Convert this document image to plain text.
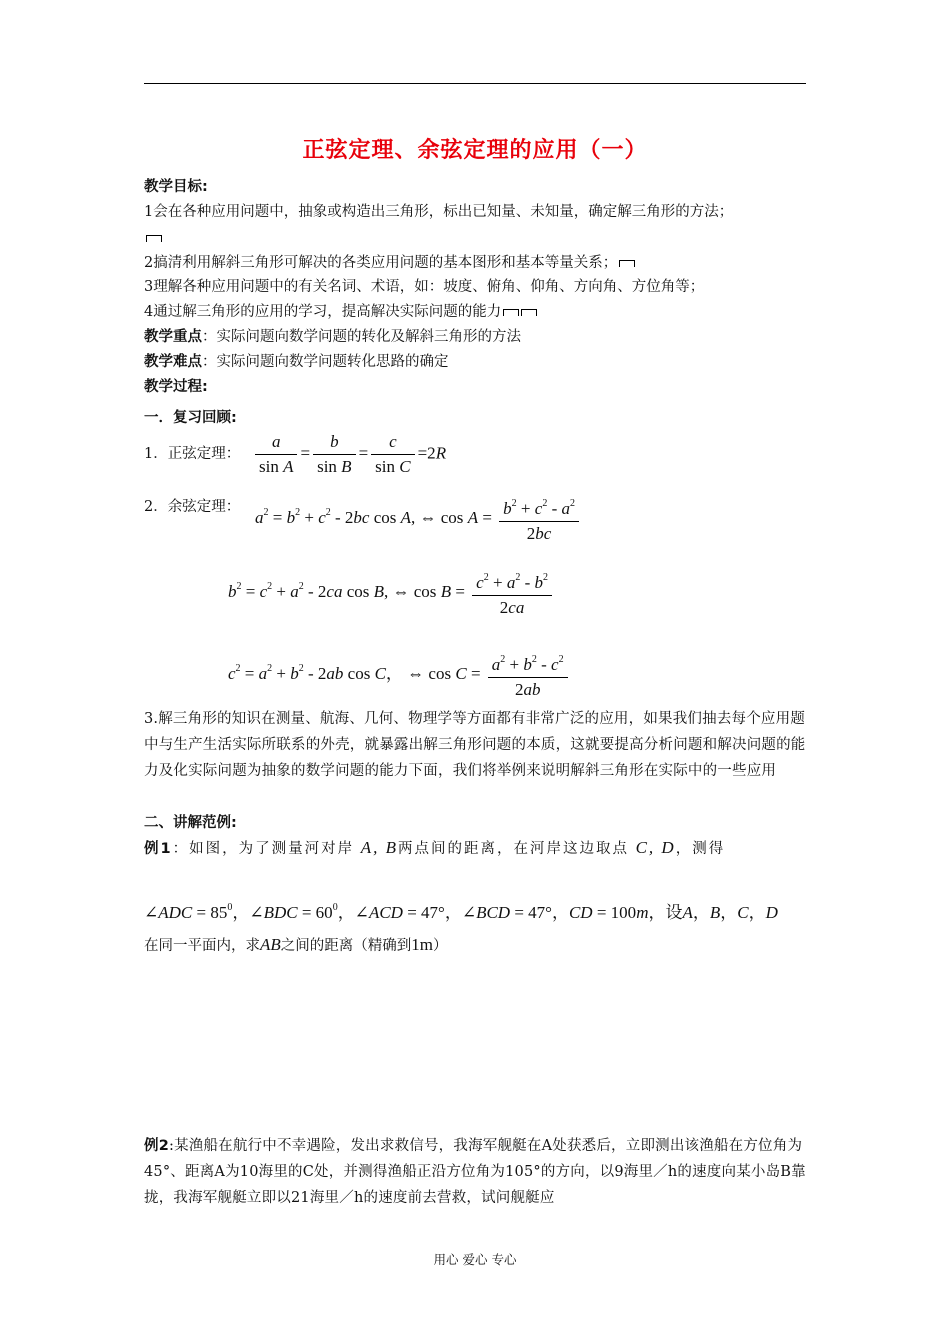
正弦定理、余弦定理的应用（一）
教学目标:
1会在各种应用问题中，抽象或构造出三角形，标出已知量、未知量，确定解三角形的方法；
2搞清利用解斜三角形可解决的各类应用问题的基本图形和基本等量关系；
3理解各种应用问题中的有关名词、术语，如：坡度、俯角、仰角、方向角、方位角等；
4通过解三角形的应用的学习，提高解决实际问题的能力
教学重点：实际问题向数学问题的转化及解斜三角形的方法
教学难点：实际问题向数学问题转化思路的确定
教学过程:
一．复习回顾:
1．正弦定理： $\frac{a}{\text{sin A}} = \frac{b}{\text{sin B}} = \frac{c}{\text{sin C}} =2R$
2．余弦定理：
$a^2 = b^2 + c^2 - 2bc$ cos A, ⇔ $\cos A = \frac{b^2 + c^2 - a^2}{2bc}$
$b^2 = c^2 + a^2 - 2ca$ cos B, ⇔ $\cos B = \frac{c^2 + a^2 - b^2}{2ca}$
$c^2 = a^2 + b^2 - 2ab$ cos C， ⇔ $\cos C = \frac{a^2 + b^2 - c^2}{2ab}$
3.解三角形的知识在测量、航海、几何、物理学等方面都有非常广泛的应用，如果我们抽去每个应用题中与生产生活实际所联系的外壳，就暴露出解三角形问题的本质，这就要提高分析问题和解决问题的能力及化实际问题为抽象的数学问题的能力下面，我们将举例来说明解斜三角形在实际中的一些应用
二、讲解范例:
例1：如图，为了测量河对岸 A, B两点间的距离，在河岸这边取点 C, D，测得
∠ADC = $85^0$，∠BDC = $60^0$，∠ACD = 47°，∠BCD = 47°，CD = 100m，设A，B，C，D
在同一平面内，求AB之间的距离（精确到1m）
例2:某渔船在航行中不幸遇险，发出求救信号，我海军舰艇在A处获悉后，立即测出该渔船在方位角为45°、距离A为10海里的C处，并测得渔船正沿方位角为105°的方向，以9海里／h的速度向某小岛B靠拢，我海军舰艇立即以21海里／h的速度前去营救，试问舰艇应
用心 爱心 专心
